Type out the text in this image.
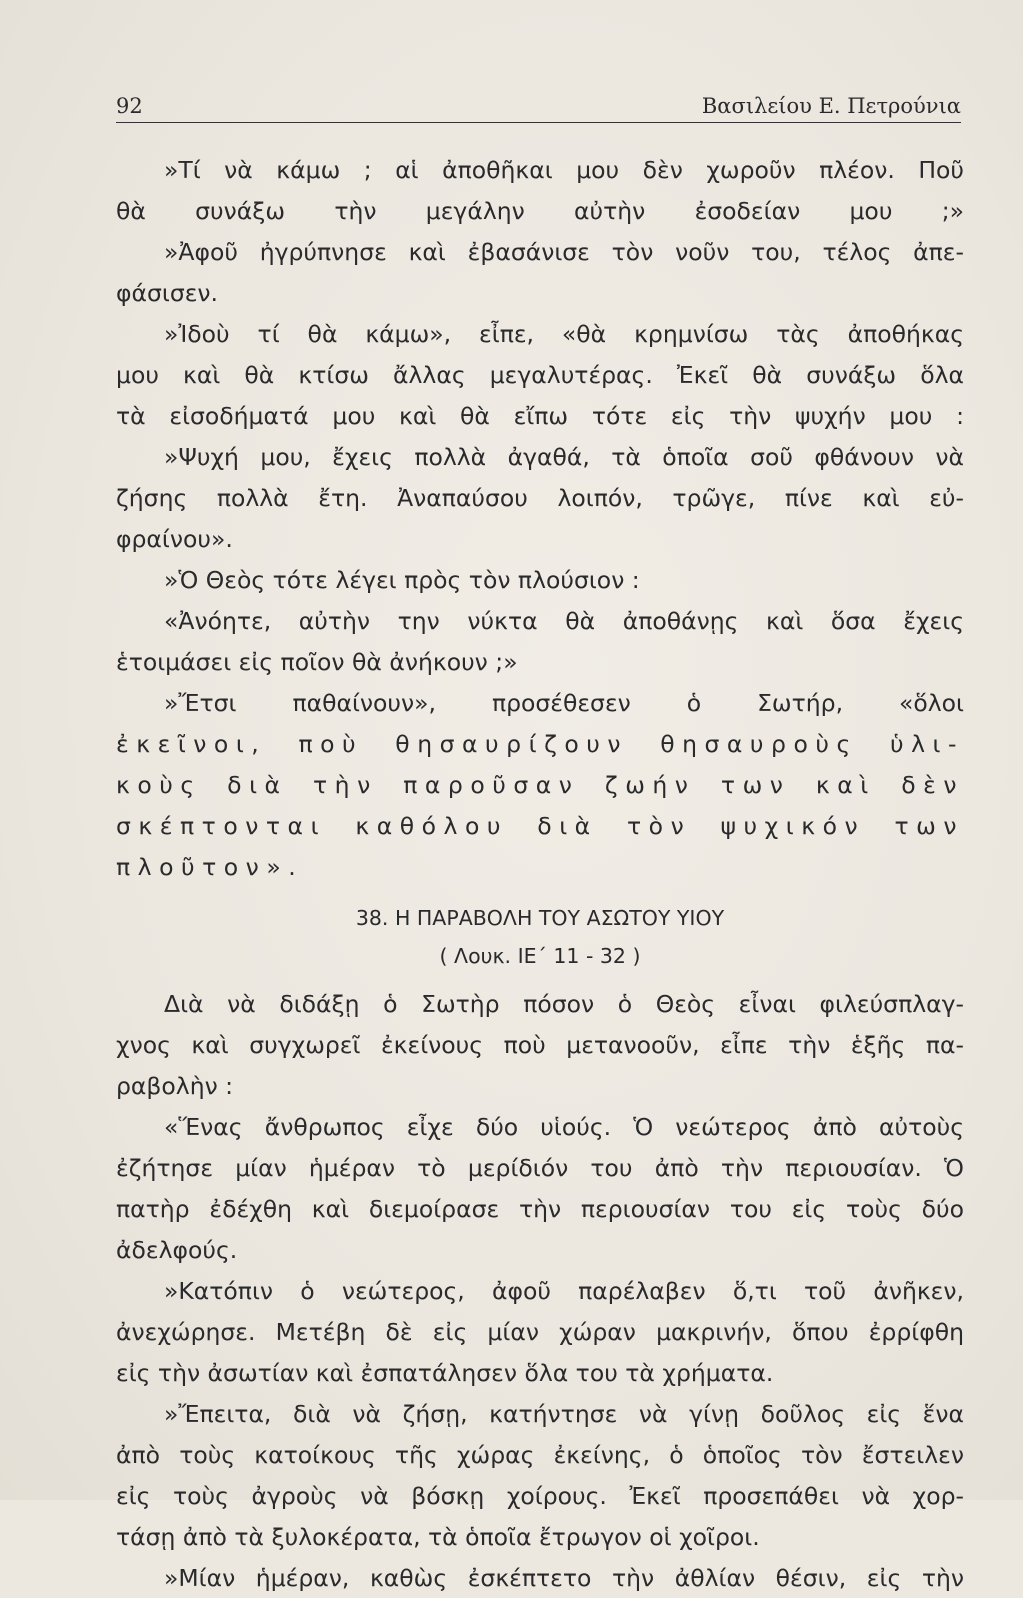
92	Βασιλείου Ε. Πετρούνια
»Τί νὰ κάμω ; αἱ ἀποθῆκαι μου δὲν χωροῦν πλέον. Ποῦ
θὰ συνάξω τὴν μεγάλην αὐτὴν ἐσοδείαν μου ;»
»Ἀφοῦ ἠγρύπνησε καὶ ἐβασάνισε τὸν νοῦν του, τέλος ἀπε-
φάσισεν.
»Ἰδοὺ τί θὰ κάμω», εἶπε, «θὰ κρημνίσω τὰς ἀποθήκας
μου καὶ θὰ κτίσω ἄλλας μεγαλυτέρας. Ἐκεῖ θὰ συνάξω ὅλα
τὰ εἰσοδήματά μου καὶ θὰ εἴπω τότε εἰς τὴν ψυχήν μου :
»Ψυχή μου, ἔχεις πολλὰ ἀγαθά, τὰ ὁποῖα σοῦ φθάνουν νὰ
ζήσης πολλὰ ἔτη. Ἀναπαύσου λοιπόν, τρῶγε, πίνε καὶ εὐ-
φραίνου».
»Ὁ Θεὸς τότε λέγει πρὸς τὸν πλούσιον :
«Ἀνόητε, αὐτὴν την νύκτα θὰ ἀποθάνῃς καὶ ὅσα ἔχεις
ἑτοιμάσει εἰς ποῖον θὰ ἀνήκουν ;»
»Ἔτσι παθαίνουν», προσέθεσεν ὁ Σωτήρ, «ὅλοι
ἐκεῖνοι, ποὺ θησαυρίζουν θησαυροὺς ὑλι-
κοὺς διὰ τὴν παροῦσαν ζωήν των καὶ δὲν
σκέπτονται καθόλου διὰ τὸν ψυχικόν των
πλοῦτον».
38. Η ΠΑΡΑΒΟΛΗ ΤΟΥ ΑΣΩΤΟΥ ΥΙΟΥ
( Λουκ. ΙΕ΄ 11 - 32 )
Διὰ νὰ διδάξῃ ὁ Σωτὴρ πόσον ὁ Θεὸς εἶναι φιλεύσπλαγ-
χνος καὶ συγχωρεῖ ἐκείνους ποὺ μετανοοῦν, εἶπε τὴν ἑξῆς πα-
ραβολὴν :
«Ἕνας ἄνθρωπος εἶχε δύο υἱούς. Ὁ νεώτερος ἀπὸ αὐτοὺς
ἐζήτησε μίαν ἡμέραν τὸ μερίδιόν του ἀπὸ τὴν περιουσίαν. Ὁ
πατὴρ ἐδέχθη καὶ διεμοίρασε τὴν περιουσίαν του εἰς τοὺς δύο
ἀδελφούς.
»Κατόπιν ὁ νεώτερος, ἀφοῦ παρέλαβεν ὅ,τι τοῦ ἀνῆκεν,
ἀνεχώρησε. Μετέβη δὲ εἰς μίαν χώραν μακρινήν, ὅπου ἐρρίφθη
εἰς τὴν ἀσωτίαν καὶ ἐσπατάλησεν ὅλα του τὰ χρήματα.
»Ἔπειτα, διὰ νὰ ζήσῃ, κατήντησε νὰ γίνῃ δοῦλος εἰς ἕνα
ἀπὸ τοὺς κατοίκους τῆς χώρας ἐκείνης, ὁ ὁποῖος τὸν ἔστειλεν
εἰς τοὺς ἀγροὺς νὰ βόσκῃ χοίρους. Ἐκεῖ προσεπάθει νὰ χορ-
τάσῃ ἀπὸ τὰ ξυλοκέρατα, τὰ ὁποῖα ἔτρωγον οἱ χοῖροι.
»Μίαν ἡμέραν, καθὼς ἐσκέπτετο τὴν ἀθλίαν θέσιν, εἰς τὴν
